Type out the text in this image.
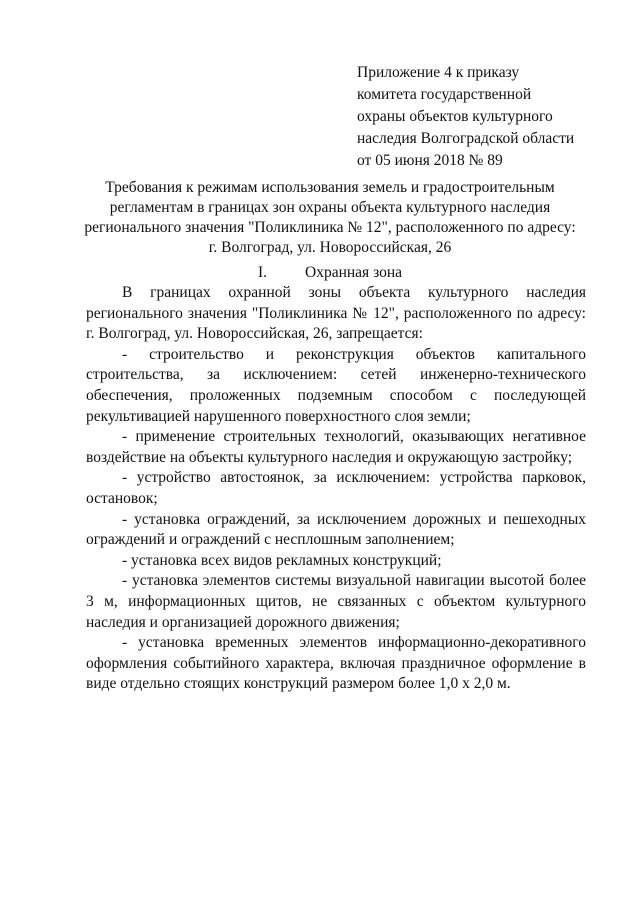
Приложение 4 к приказу
комитета государственной
охраны объектов культурного
наследия Волгоградской области
от 05 июня 2018 № 89
Требования к режимам использования земель и градостроительным
регламентам в границах зон охраны объекта культурного наследия
регионального значения "Поликлиника № 12", расположенного по адресу:
г. Волгоград, ул. Новороссийская, 26
I. Охранная зона

В границах охранной зоны объекта культурного наследия регионального значения "Поликлиника № 12", расположенного по адресу: г. Волгоград, ул. Новороссийская, 26, запрещается:

- строительство и реконструкция объектов капитального строительства, за исключением: сетей инженерно-технического обеспечения, проложенных подземным способом с последующей рекультивацией нарушенного поверхностного слоя земли;

- применение строительных технологий, оказывающих негативное воздействие на объекты культурного наследия и окружающую застройку;

- устройство автостоянок, за исключением: устройства парковок, остановок;

- установка ограждений, за исключением дорожных и пешеходных ограждений и ограждений с несплошным заполнением;

- установка всех видов рекламных конструкций;

- установка элементов системы визуальной навигации высотой более 3 м, информационных щитов, не связанных с объектом культурного наследия и организацией дорожного движения;

- установка временных элементов информационно-декоративного оформления событийного характера, включая праздничное оформление в виде отдельно стоящих конструкций размером более 1,0 х 2,0 м.
